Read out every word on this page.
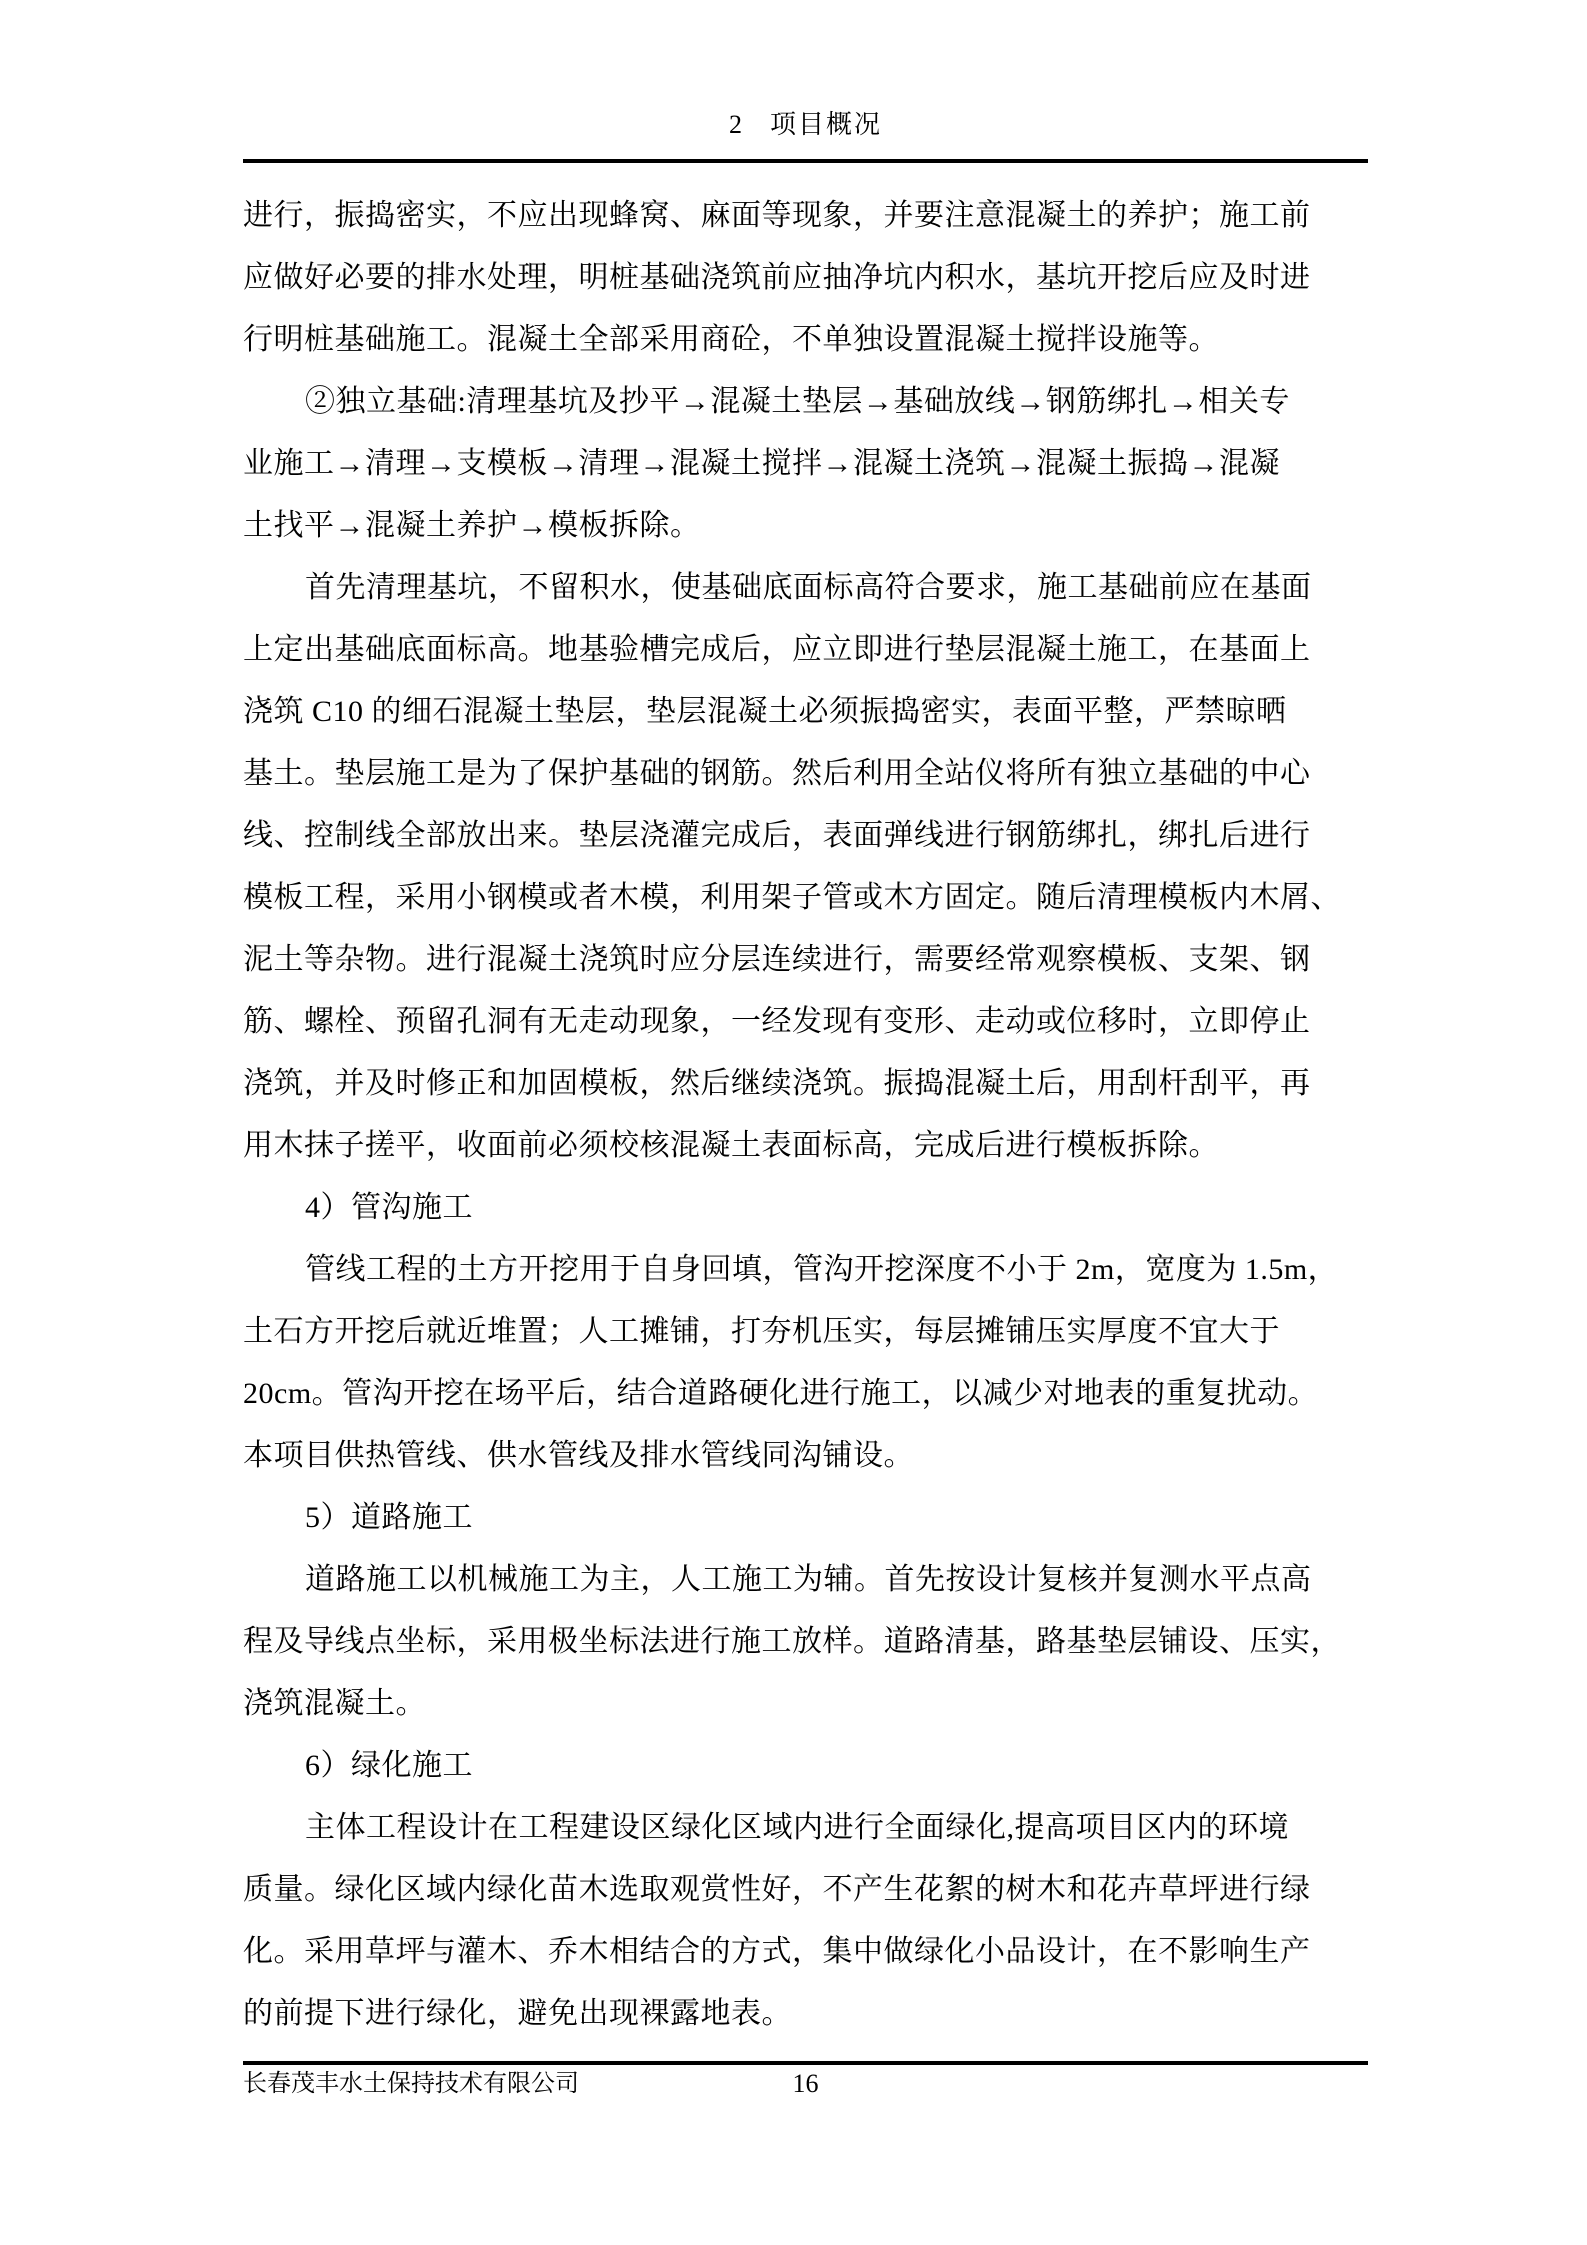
2 项目概况
进行，振捣密实，不应出现蜂窝、麻面等现象，并要注意混凝土的养护；施工前
应做好必要的排水处理，明桩基础浇筑前应抽净坑内积水，基坑开挖后应及时进
行明桩基础施工。混凝土全部采用商砼，不单独设置混凝土搅拌设施等。
②独立基础:清理基坑及抄平→混凝土垫层→基础放线→钢筋绑扎→相关专
业施工→清理→支模板→清理→混凝土搅拌→混凝土浇筑→混凝土振捣→混凝
土找平→混凝土养护→模板拆除。
首先清理基坑，不留积水，使基础底面标高符合要求，施工基础前应在基面
上定出基础底面标高。地基验槽完成后，应立即进行垫层混凝土施工，在基面上
浇筑 C10 的细石混凝土垫层，垫层混凝土必须振捣密实，表面平整，严禁晾晒
基土。垫层施工是为了保护基础的钢筋。然后利用全站仪将所有独立基础的中心
线、控制线全部放出来。垫层浇灌完成后，表面弹线进行钢筋绑扎，绑扎后进行
模板工程，采用小钢模或者木模，利用架子管或木方固定。随后清理模板内木屑、
泥土等杂物。进行混凝土浇筑时应分层连续进行，需要经常观察模板、支架、钢
筋、螺栓、预留孔洞有无走动现象，一经发现有变形、走动或位移时，立即停止
浇筑，并及时修正和加固模板，然后继续浇筑。振捣混凝土后，用刮杆刮平，再
用木抹子搓平，收面前必须校核混凝土表面标高，完成后进行模板拆除。
4）管沟施工
管线工程的土方开挖用于自身回填，管沟开挖深度不小于 2m，宽度为 1.5m，
土石方开挖后就近堆置；人工摊铺，打夯机压实，每层摊铺压实厚度不宜大于
20cm。管沟开挖在场平后，结合道路硬化进行施工，以减少对地表的重复扰动。
本项目供热管线、供水管线及排水管线同沟铺设。
5）道路施工
道路施工以机械施工为主，人工施工为辅。首先按设计复核并复测水平点高
程及导线点坐标，采用极坐标法进行施工放样。道路清基，路基垫层铺设、压实，
浇筑混凝土。
6）绿化施工
主体工程设计在工程建设区绿化区域内进行全面绿化,提高项目区内的环境
质量。绿化区域内绿化苗木选取观赏性好，不产生花絮的树木和花卉草坪进行绿
化。采用草坪与灌木、乔木相结合的方式，集中做绿化小品设计，在不影响生产
的前提下进行绿化，避免出现裸露地表。
长春茂丰水土保持技术有限公司	16
